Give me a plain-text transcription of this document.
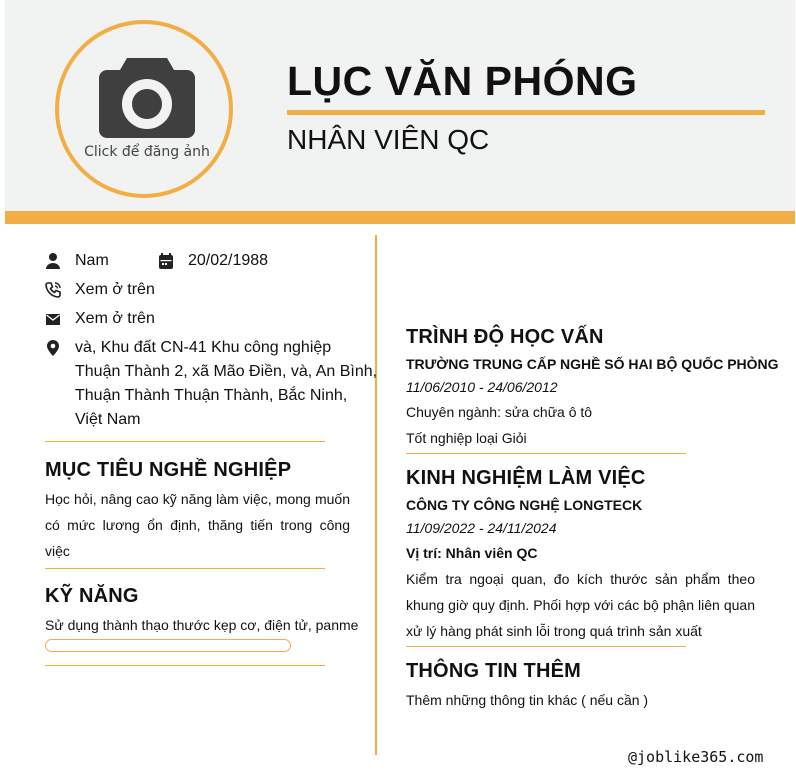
Click để đăng ảnh
LỤC VĂN PHÓNG
NHÂN VIÊN QC
Nam	20/02/1988
Xem ở trên
Xem ở trên
và, Khu đất CN-41 Khu công nghiệp
Thuận Thành 2, xã Mão Điền, và, An Bình,
Thuận Thành Thuận Thành, Bắc Ninh,
Việt Nam
MỤC TIÊU NGHỀ NGHIỆP
Học hỏi, nâng cao kỹ năng làm việc, mong muốn
có mức lương ổn định, thăng tiến trong công
việc
KỸ NĂNG
Sử dụng thành thạo thước kẹp cơ, điện tử, panme
TRÌNH ĐỘ HỌC VẤN
TRƯỜNG TRUNG CẤP NGHỀ SỐ HAI BỘ QUỐC PHÒNG
11/06/2010 - 24/06/2012
Chuyên ngành: sửa chữa ô tô
Tốt nghiệp loại Giỏi
KINH NGHIỆM LÀM VIỆC
CÔNG TY CÔNG NGHỆ LONGTECK
11/09/2022 - 24/11/2024
Vị trí: Nhân viên QC
Kiểm tra ngoại quan, đo kích thước sản phẩm theo
khung giờ quy định. Phối hợp với các bộ phận liên quan
xử lý hàng phát sinh lỗi trong quá trình sản xuất
THÔNG TIN THÊM
Thêm những thông tin khác ( nếu cần )
@joblike365.com
